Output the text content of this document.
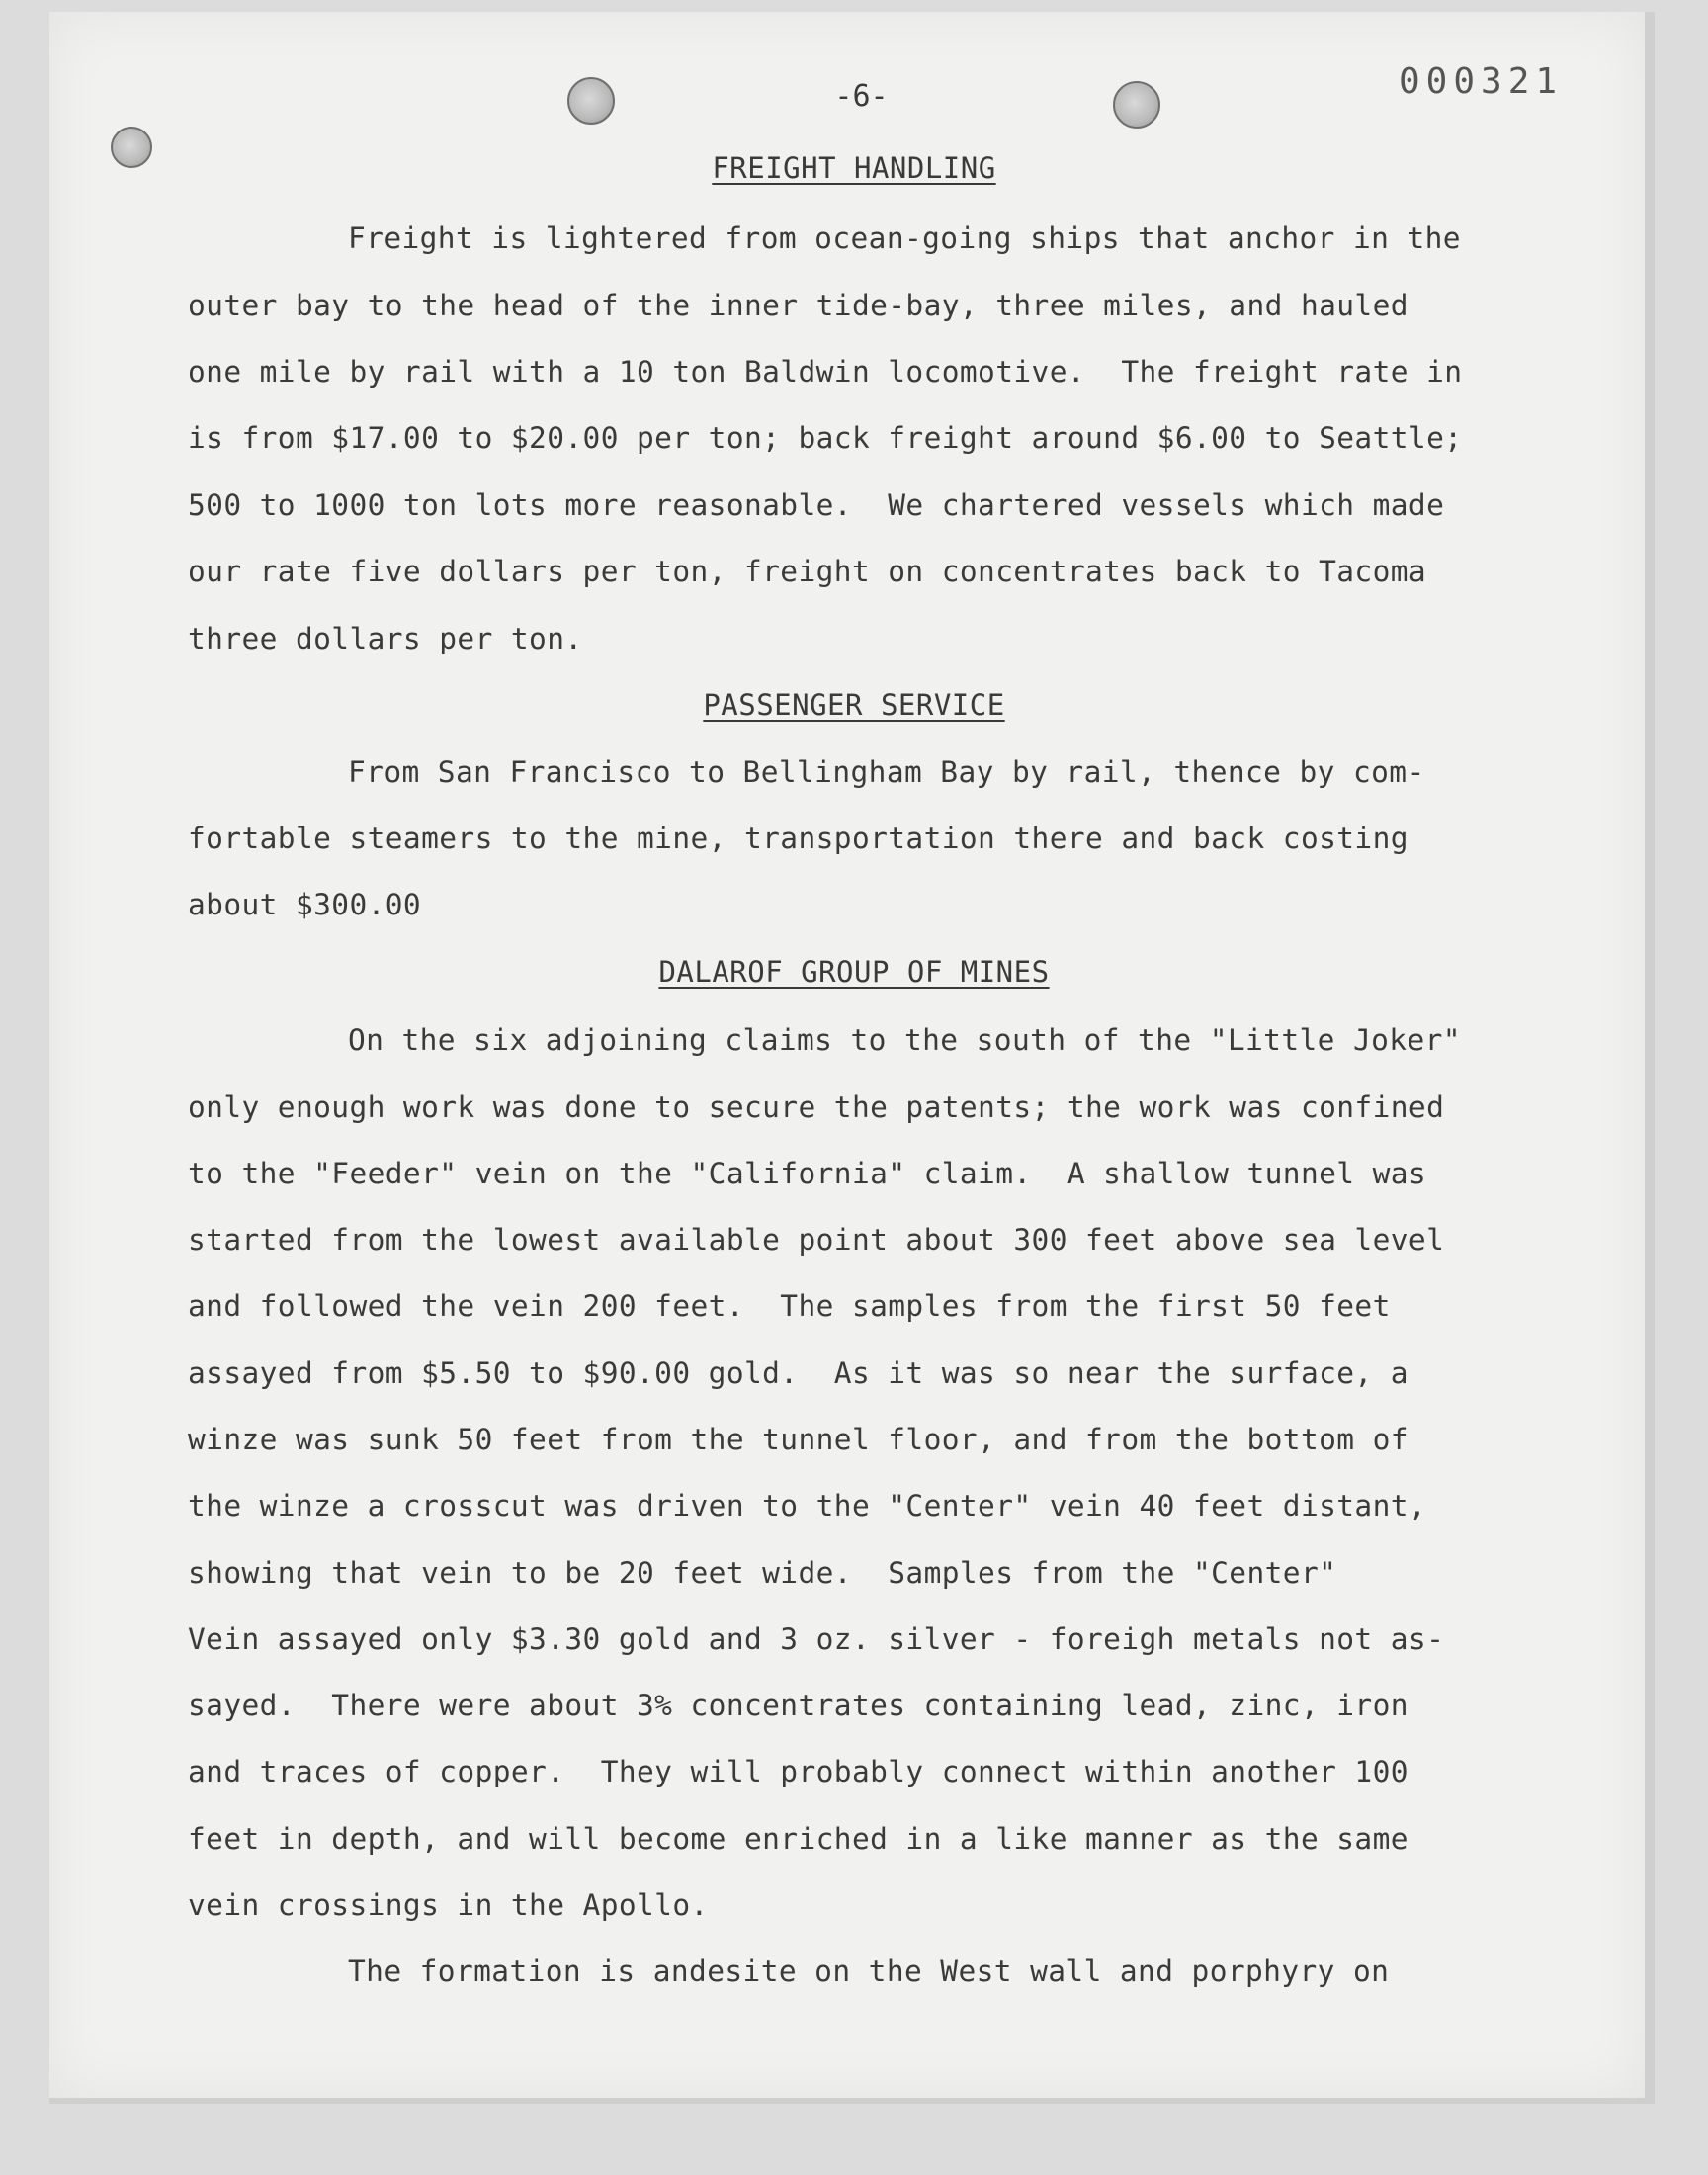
000321
-6-
FREIGHT HANDLING
Freight is lightered from ocean-going ships that anchor in the
outer bay to the head of the inner tide-bay, three miles, and hauled
one mile by rail with a 10 ton Baldwin locomotive.  The freight rate in
is from $17.00 to $20.00 per ton; back freight around $6.00 to Seattle;
500 to 1000 ton lots more reasonable.  We chartered vessels which made
our rate five dollars per ton, freight on concentrates back to Tacoma
three dollars per ton.
PASSENGER SERVICE
From San Francisco to Bellingham Bay by rail, thence by com-
fortable steamers to the mine, transportation there and back costing
about $300.00
DALAROF GROUP OF MINES
On the six adjoining claims to the south of the "Little Joker"
only enough work was done to secure the patents; the work was confined
to the "Feeder" vein on the "California" claim.  A shallow tunnel was
started from the lowest available point about 300 feet above sea level
and followed the vein 200 feet.  The samples from the first 50 feet
assayed from $5.50 to $90.00 gold.  As it was so near the surface, a
winze was sunk 50 feet from the tunnel floor, and from the bottom of
the winze a crosscut was driven to the "Center" vein 40 feet distant,
showing that vein to be 20 feet wide.  Samples from the "Center"
Vein assayed only $3.30 gold and 3 oz. silver - foreigh metals not as-
sayed.  There were about 3% concentrates containing lead, zinc, iron
and traces of copper.  They will probably connect within another 100
feet in depth, and will become enriched in a like manner as the same
vein crossings in the Apollo.
The formation is andesite on the West wall and porphyry on
